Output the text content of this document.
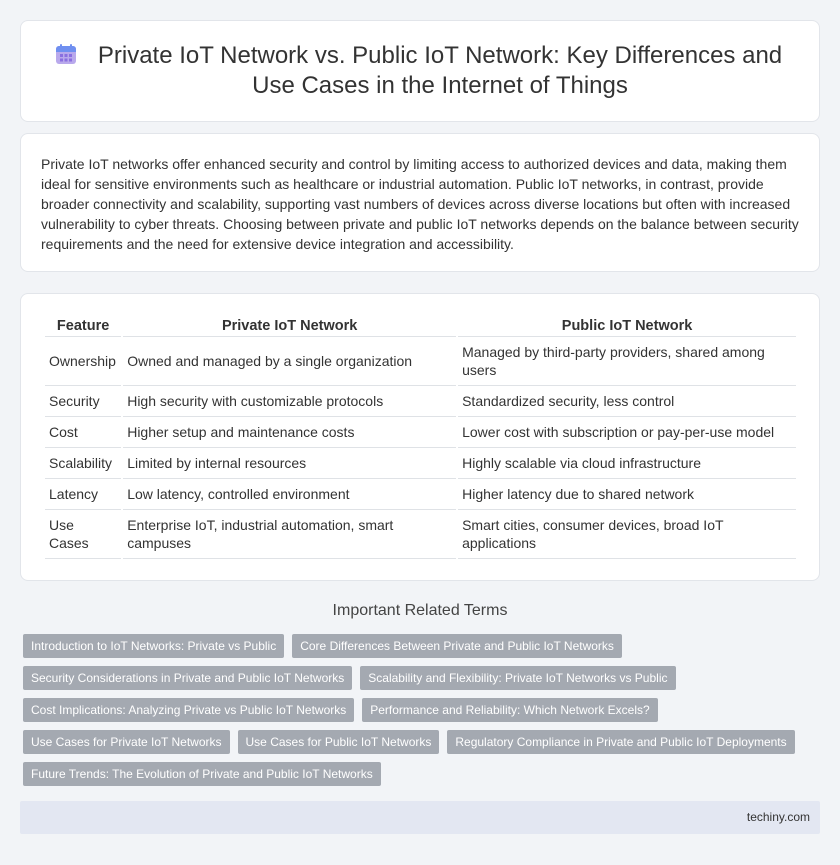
Private IoT Network vs. Public IoT Network: Key Differences and Use Cases in the Internet of Things

Private IoT networks offer enhanced security and control by limiting access to authorized devices and data, making them ideal for sensitive environments such as healthcare or industrial automation. Public IoT networks, in contrast, provide broader connectivity and scalability, supporting vast numbers of devices across diverse locations but often with increased vulnerability to cyber threats. Choosing between private and public IoT networks depends on the balance between security requirements and the need for extensive device integration and accessibility.

Feature	Private IoT Network	Public IoT Network
Ownership	Owned and managed by a single organization	Managed by third-party providers, shared among users
Security	High security with customizable protocols	Standardized security, less control
Cost	Higher setup and maintenance costs	Lower cost with subscription or pay-per-use model
Scalability	Limited by internal resources	Highly scalable via cloud infrastructure
Latency	Low latency, controlled environment	Higher latency due to shared network
Use Cases	Enterprise IoT, industrial automation, smart campuses	Smart cities, consumer devices, broad IoT applications
Important Related Terms
Introduction to IoT Networks: Private vs Public	Core Differences Between Private and Public IoT Networks
Security Considerations in Private and Public IoT Networks	Scalability and Flexibility: Private IoT Networks vs Public
Cost Implications: Analyzing Private vs Public IoT Networks	Performance and Reliability: Which Network Excels?
Use Cases for Private IoT Networks	Use Cases for Public IoT Networks	Regulatory Compliance in Private and Public IoT Deployments
Future Trends: The Evolution of Private and Public IoT Networks
techiny.com
